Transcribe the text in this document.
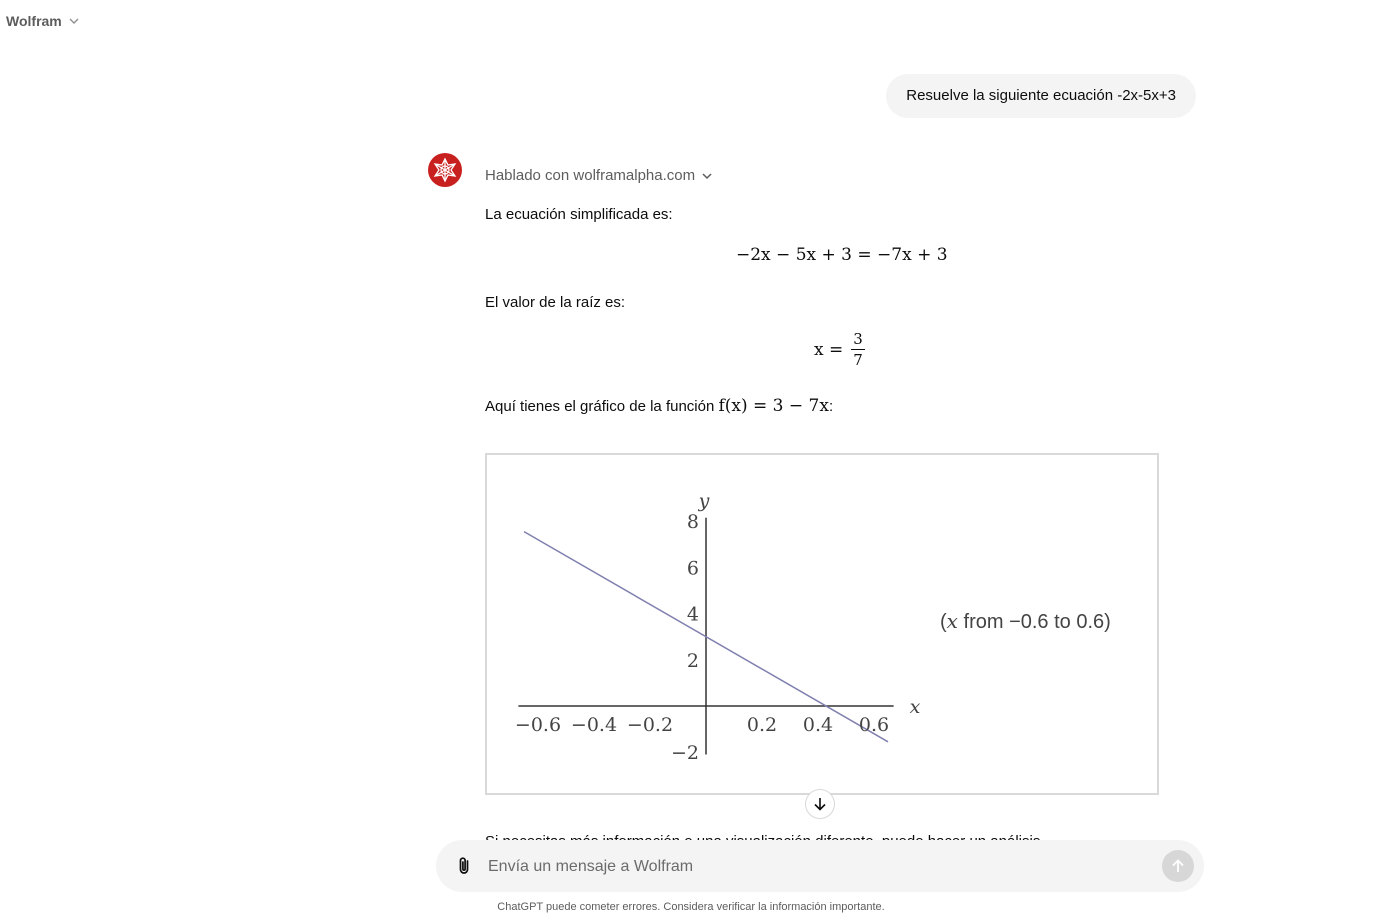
Wolfram
Resuelve la siguiente ecuación -2x-5x+3
Hablado con wolframalpha.com
La ecuación simplificada es:
−2x − 5x + 3 = −7x + 3
El valor de la raíz es:
$x = \frac{3}{7}$
Aquí tienes el gráfico de la función f(x) = 3 − 7x:
−0.6 −0.4 −0.2	0.2 0.4 0.6
8
6
4
2
−2
x
y
(x from −0.6 to 0.6)
Envía un mensaje a Wolfram
ChatGPT puede cometer errores. Considera verificar la información importante.
